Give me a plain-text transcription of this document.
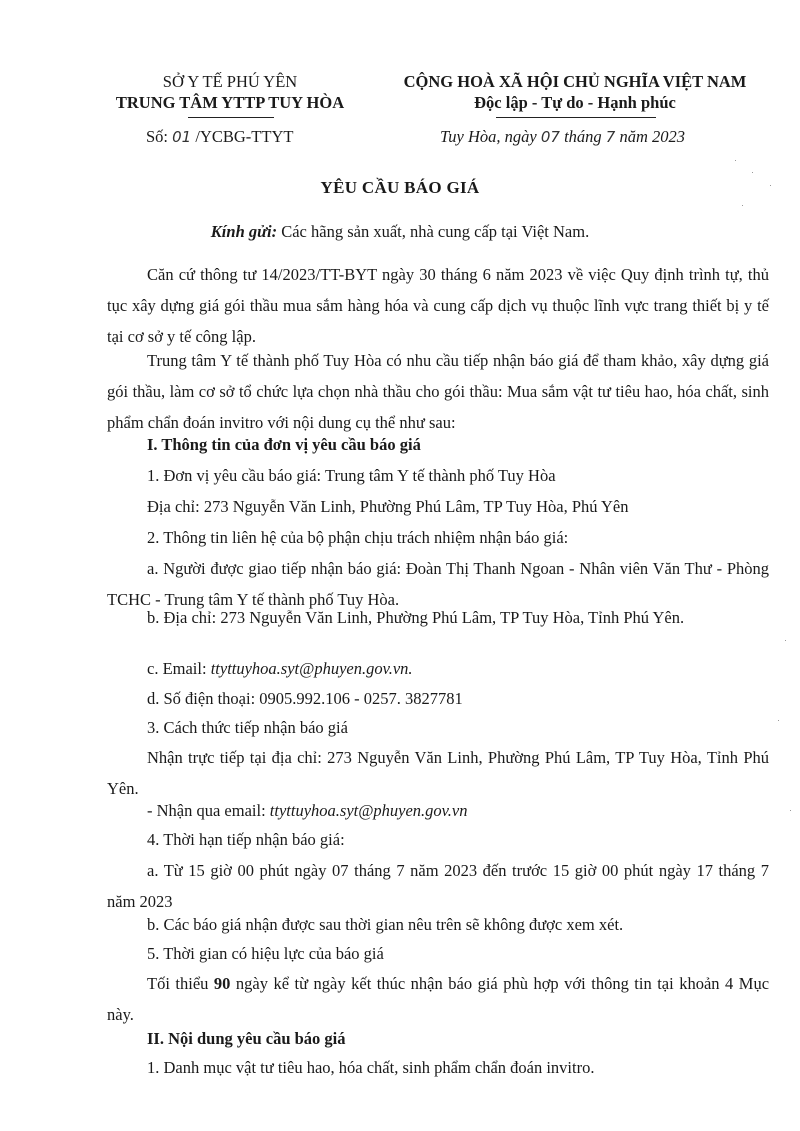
SỞ Y TẾ PHÚ YÊN
TRUNG TÂM YTTP TUY HÒA
CỘNG HOÀ XÃ HỘI CHỦ NGHĨA VIỆT NAM
Độc lập - Tự do - Hạnh phúc
Số: 01 /YCBG-TTYT	Tuy Hòa, ngày 07 tháng 7 năm 2023
YÊU CẦU BÁO GIÁ
Kính gửi: Các hãng sản xuất, nhà cung cấp tại Việt Nam.
Căn cứ thông tư 14/2023/TT-BYT ngày 30 tháng 6 năm 2023 về việc Quy định trình tự, thủ tục xây dựng giá gói thầu mua sắm hàng hóa và cung cấp dịch vụ thuộc lĩnh vực trang thiết bị y tế tại cơ sở y tế công lập.
Trung tâm Y tế thành phố Tuy Hòa có nhu cầu tiếp nhận báo giá để tham khảo, xây dựng giá gói thầu, làm cơ sở tổ chức lựa chọn nhà thầu cho gói thầu: Mua sắm vật tư tiêu hao, hóa chất, sinh phẩm chẩn đoán invitro với nội dung cụ thể như sau:
I. Thông tin của đơn vị yêu cầu báo giá
1. Đơn vị yêu cầu báo giá: Trung tâm Y tế thành phố Tuy Hòa
Địa chỉ: 273 Nguyễn Văn Linh, Phường Phú Lâm, TP Tuy Hòa, Phú Yên
2. Thông tin liên hệ của bộ phận chịu trách nhiệm nhận báo giá:
a. Người được giao tiếp nhận báo giá: Đoàn Thị Thanh Ngoan - Nhân viên Văn Thư - Phòng TCHC - Trung tâm Y tế thành phố Tuy Hòa.
b. Địa chỉ: 273 Nguyễn Văn Linh, Phường Phú Lâm, TP Tuy Hòa, Tỉnh Phú Yên.
c. Email: ttyttuyhoa.syt@phuyen.gov.vn.
d. Số điện thoại: 0905.992.106 - 0257. 3827781
3. Cách thức tiếp nhận báo giá
Nhận trực tiếp tại địa chỉ: 273 Nguyễn Văn Linh, Phường Phú Lâm, TP Tuy Hòa, Tỉnh Phú Yên.
- Nhận qua email: ttyttuyhoa.syt@phuyen.gov.vn
4. Thời hạn tiếp nhận báo giá:
a. Từ 15 giờ 00 phút ngày 07 tháng 7 năm 2023 đến trước 15 giờ 00 phút ngày 17 tháng 7 năm 2023
b. Các báo giá nhận được sau thời gian nêu trên sẽ không được xem xét.
5. Thời gian có hiệu lực của báo giá
Tối thiểu 90 ngày kể từ ngày kết thúc nhận báo giá phù hợp với thông tin tại khoản 4 Mục này.
II. Nội dung yêu cầu báo giá
1. Danh mục vật tư tiêu hao, hóa chất, sinh phẩm chẩn đoán invitro.
